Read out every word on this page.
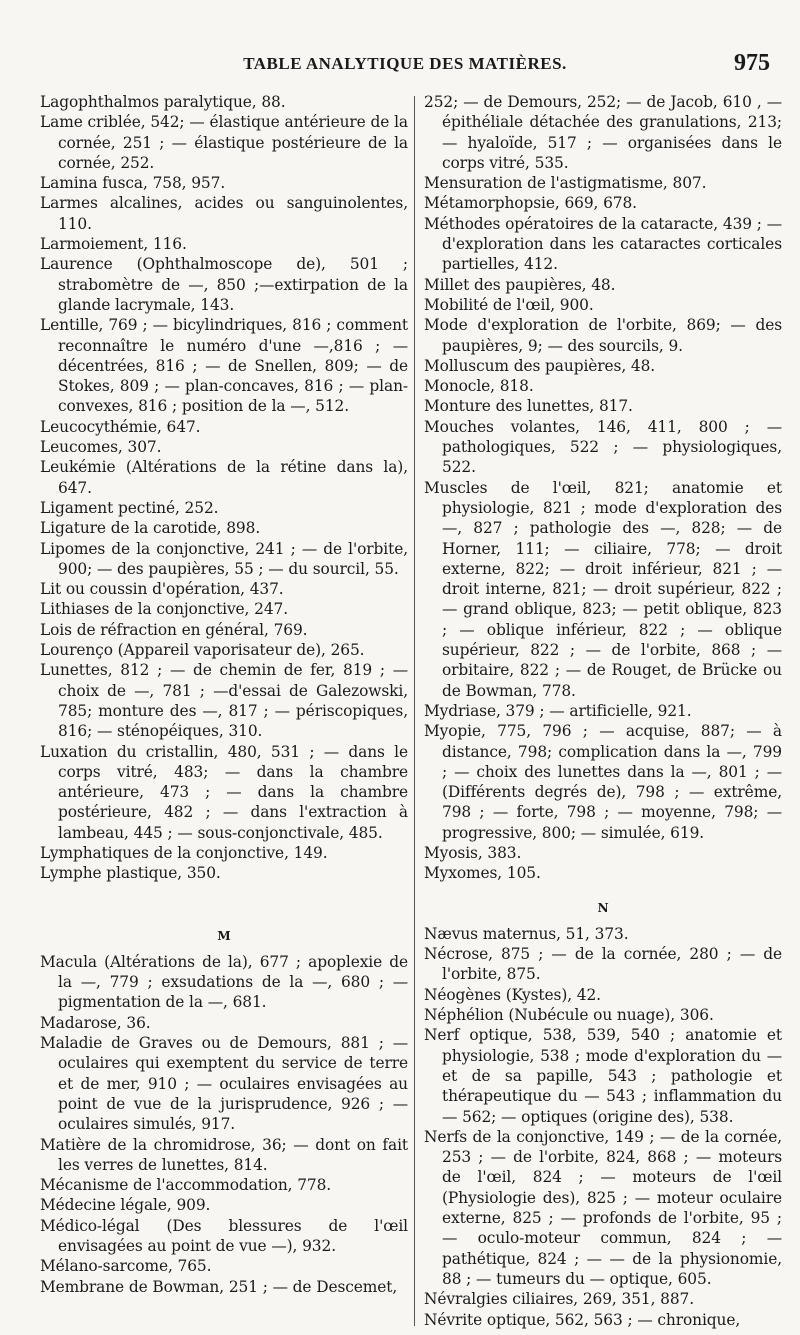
TABLE ANALYTIQUE DES MATIÈRES.	975
Lagophthalmos paralytique, 88.
Lame criblée, 542; — élastique antérieure de la cornée, 251 ; — élastique postérieure de la cornée, 252.
Lamina fusca, 758, 957.
Larmes alcalines, acides ou sanguinolentes, 110.
Larmoiement, 116.
Laurence (Ophthalmoscope de), 501 ; strabomètre de —, 850 ;—extirpation de la glande lacrymale, 143.
Lentille, 769 ; — bicylindriques, 816 ; comment reconnaître le numéro d'une —,816 ; — décentrées, 816 ; — de Snellen, 809; — de Stokes, 809 ; — plan-concaves, 816 ; — plan-convexes, 816 ; position de la —, 512.
Leucocythémie, 647.
Leucomes, 307.
Leukémie (Altérations de la rétine dans la), 647.
Ligament pectiné, 252.
Ligature de la carotide, 898.
Lipomes de la conjonctive, 241 ; — de l'orbite, 900; — des paupières, 55 ; — du sourcil, 55.
Lit ou coussin d'opération, 437.
Lithiases de la conjonctive, 247.
Lois de réfraction en général, 769.
Lourenço (Appareil vaporisateur de), 265.
Lunettes, 812 ; — de chemin de fer, 819 ; — choix de —, 781 ; —d'essai de Galezowski, 785; monture des —, 817 ; — périscopiques, 816; — sténopéiques, 310.
Luxation du cristallin, 480, 531 ; — dans le corps vitré, 483; — dans la chambre antérieure, 473 ; — dans la chambre postérieure, 482 ; — dans l'extraction à lambeau, 445 ; — sous-conjonctivale, 485.
Lymphatiques de la conjonctive, 149.
Lymphe plastique, 350.
M
Macula (Altérations de la), 677 ; apoplexie de la —, 779 ; exsudations de la —, 680 ; — pigmentation de la —, 681.
Madarose, 36.
Maladie de Graves ou de Demours, 881 ; — oculaires qui exemptent du service de terre et de mer, 910 ; — oculaires envisagées au point de vue de la jurisprudence, 926 ; — oculaires simulés, 917.
Matière de la chromidrose, 36; — dont on fait les verres de lunettes, 814.
Mécanisme de l'accommodation, 778.
Médecine légale, 909.
Médico-légal (Des blessures de l'œil envisagées au point de vue —), 932.
Mélano-sarcome, 765.
Membrane de Bowman, 251 ; — de Descemet,
252; — de Demours, 252; — de Jacob, 610 , —épithéliale détachée des granulations, 213; — hyaloïde, 517 ; — organisées dans le corps vitré, 535.
Mensuration de l'astigmatisme, 807.
Métamorphopsie, 669, 678.
Méthodes opératoires de la cataracte, 439 ; — d'exploration dans les cataractes corticales partielles, 412.
Millet des paupières, 48.
Mobilité de l'œil, 900.
Mode d'exploration de l'orbite, 869; — des paupières, 9; — des sourcils, 9.
Molluscum des paupières, 48.
Monocle, 818.
Monture des lunettes, 817.
Mouches volantes, 146, 411, 800 ; — pathologiques, 522 ; — physiologiques, 522.
Muscles de l'œil, 821; anatomie et physiologie, 821 ; mode d'exploration des —, 827 ; pathologie des —, 828; — de Horner, 111; — ciliaire, 778; — droit externe, 822; — droit inférieur, 821 ; — droit interne, 821; — droit supérieur, 822 ; — grand oblique, 823; — petit oblique, 823 ; — oblique inférieur, 822 ; — oblique supérieur, 822 ; — de l'orbite, 868 ; — orbitaire, 822 ; — de Rouget, de Brücke ou de Bowman, 778.
Mydriase, 379 ; — artificielle, 921.
Myopie, 775, 796 ; — acquise, 887; — à distance, 798; complication dans la —, 799 ; — choix des lunettes dans la —, 801 ; — (Différents degrés de), 798 ; — extrême, 798 ; — forte, 798 ; — moyenne, 798; — progressive, 800; — simulée, 619.
Myosis, 383.
Myxomes, 105.
N
Nævus maternus, 51, 373.
Nécrose, 875 ; — de la cornée, 280 ; — de l'orbite, 875.
Néogènes (Kystes), 42.
Néphélion (Nubécule ou nuage), 306.
Nerf optique, 538, 539, 540 ; anatomie et physiologie, 538 ; mode d'exploration du — et de sa papille, 543 ; pathologie et thérapeutique du — 543 ; inflammation du — 562; — optiques (origine des), 538.
Nerfs de la conjonctive, 149 ; — de la cornée, 253 ; — de l'orbite, 824, 868 ; — moteurs de l'œil, 824 ; — moteurs de l'œil (Physiologie des), 825 ; — moteur oculaire externe, 825 ; — profonds de l'orbite, 95 ; — oculo-moteur commun, 824 ; — pathétique, 824 ; — — de la physionomie, 88 ; — tumeurs du — optique, 605.
Névralgies ciliaires, 269, 351, 887.
Névrite optique, 562, 563 ; — chronique,
